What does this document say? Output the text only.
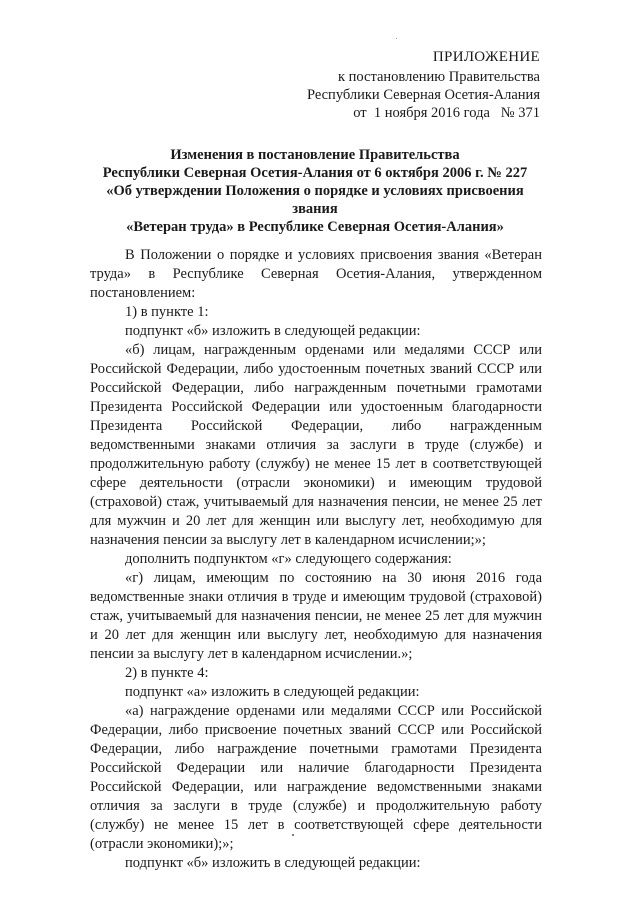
ПРИЛОЖЕНИЕ
к постановлению Правительства
Республики Северная Осетия-Алания
от  1 ноября 2016 года   № 371
Изменения в постановление Правительства
Республики Северная Осетия-Алания от 6 октября 2006 г. № 227
«Об утверждении Положения о порядке и условиях присвоения звания
«Ветеран труда» в Республике Северная Осетия-Алания»

В Положении о порядке и условиях присвоения звания «Ветеран труда» в Республике Северная Осетия-Алания, утвержденном постановлением:

1) в пункте 1:

подпункт «б» изложить в следующей редакции:

«б) лицам, награжденным орденами или медалями СССР или Российской Федерации, либо удостоенным почетных званий СССР или Российской Федерации, либо награжденным почетными грамотами Президента Российской Федерации или удостоенным благодарности Президента Российской Федерации, либо награжденным ведомственными знаками отличия за заслуги в труде (службе) и продолжительную работу (службу) не менее 15 лет в соответствующей сфере деятельности (отрасли экономики) и имеющим трудовой (страховой) стаж, учитываемый для назначения пенсии, не менее 25 лет для мужчин и 20 лет для женщин или выслугу лет, необходимую для назначения пенсии за выслугу лет в календарном исчислении;»;

дополнить подпунктом «г» следующего содержания:

«г) лицам, имеющим по состоянию на 30 июня 2016 года ведомственные знаки отличия в труде и имеющим трудовой (страховой) стаж, учитываемый для назначения пенсии, не менее 25 лет для мужчин и 20 лет для женщин или выслугу лет, необходимую для назначения пенсии за выслугу лет в календарном исчислении.»;

2) в пункте 4:

подпункт «а» изложить в следующей редакции:

«а) награждение орденами или медалями СССР или Российской Федерации, либо присвоение почетных званий СССР или Российской Федерации, либо награждение почетными грамотами Президента Российской Федерации или наличие благодарности Президента Российской Федерации, или награждение ведомственными знаками отличия за заслуги в труде (службе) и продолжительную работу (службу) не менее 15 лет в соответствующей сфере деятельности (отрасли экономики);»;

подпункт «б» изложить в следующей редакции:
